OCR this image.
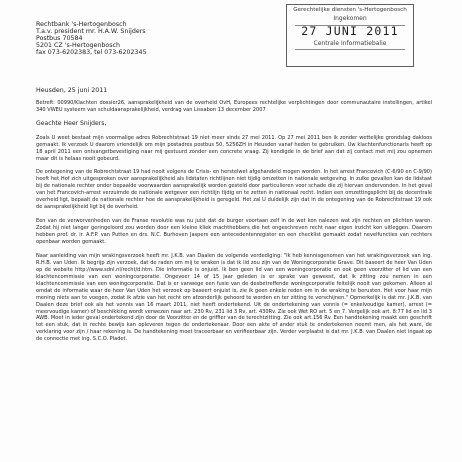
Gerechtelijke diensten 's-Hertogenbosch
Ingekomen
27 JUNI 2011
Centrale Informatiebalie
Rechtbank 's-Hertogenbosch
T.a.v. president mr. H.A.W. Snijders
Postbus 70584
5201 CZ 's-Hertogenbosch
fax 073-6202383, tel 073-6202345
Heusden, 25 juni 2011

Betreft: 00990/Klachten dossier26, aansprakelijkheid van de overheid OvH, Europees rechtelijke verplichtingen door communautaire instellingen, artikel 340 VWEU systeem van schuldaansprakelijkheid, verdrag van Lissabon 13 december 2007

Geachte Heer Snijders,

Zoals U weet bestaat mijn voormalige adres Robrechtstraat 19 niet meer sinds 27 mei 2011. Op 27 mei 2011 ben ik zonder wettelijke grondslag dakloos gemaakt. Ik verzoek U daarom vriendelijk om mijn postadres postbus 50, 5256ZH in Heusden vanaf heden te gebruiken. Uw klachtenfunctionaris heeft op 18 april 2011 een ontvangstbevestiging naar mij gestuurd zonder een concrete vraag. Zij kondigde in de brief aan dat zij contact met mij zou opnemen maar dit is helaas nooit gebeurd.

De ontegening van de Robrechtstraat 19 had nooit volgens de Crisis- en herstelwet afgehandeld mogen worden. In het arrest Francovich (C-6/90 en C-9/90) heeft het Hof zich uitgesproken over aansprakelijkheid als lidstaten richtlijnen niet tijdig omzetten in nationale wetgeving. In zulke gevallen kan de lidstaat bij de nationale rechter onder bepaalde voorwaarden aansprakelijk worden gesteld door particulieren voor schade die zij hiervan ondervonden. In het geval van het Francovich-arrest verzuimde de nationale wetgever een richtlijn tijdig en te zetten in nationaal recht. Indien een omzettingsplicht bij de decentrale overheid ligt, bepaalt de nationale rechter hoe de aansprakelijkheid is geregeld. Het zal U duidelijk zijn dat in de ontegening van de Robrechtstraat 19 ook de aansprakelijkheid ligt bij de overheid.

Een van de verworvenheden van de Franse revolutie was nu juist dat de burger voortaan zelf in de wet kon nalezen wat zijn rechten en plichten waren. Zodat hij niet langer geringeloord zou worden door een kleine kliek machthebbers die het ongeschreven recht naar eigen inzicht kon uitleggen. Daarom hebben prof. dr. ir. A.F.P. van Putten en drs. N.C. Burhoven Jaspers een antecedentenregister en een checklist gemaakt zodat nevelfuncties van rechters openbaar worden gemaakt.

Naar aanleiding van mijn wrakingsverzoek heeft mr. J.K.B. van Daalen de volgende verdediging: "Ik heb kennisgenomen van het wrakingsverzoek van ing. R.H.B. van Uden. Ik begrijp zijn verzoek, dat de raden om mij te wraken is dat ik lid zou zijn van de Woningcorporatie Grave. Dit baseert de heer Van Uden op de website http://www.sdnl.nl/recht/d.htm. Die informatie is onjuist. Ik ben geen lid van een woningcorporatie en ook geen voorzitter of lid van een klachtencommissie van een woningcorporatie. Ongeveer 14 of 15 jaar geleden is er sprake van geweest, dat ik zitting zou nemen in een klachtencommissie van een woningcorporatie. Dat is er vanwege een fusie van de desbetreffende woningcorporatie feitelijk nooit van gekomen. Alleen al omdat de informatie waar de heer Van Uden het verzoek op baseert onjuist is, zie ik geen enkele reden om in de wraking te berusten. Het voor haar mijn mening niets aan te voegen, zodat ik afzie van het recht om afzonderlijk gehoord te worden en ter zitting te verschijnen." Opmerkelijk is dat mr. J.K.B. van Daalen deze brief ook als het vonnis van 16 maart 2011, niet heeft ondertekend. Uit de ondertekening van vonnis (= enkelvoudige kamer), arrest (= meervoudige kamer) of beschikking wordt verwezen naar art. 230 Rv, 231 lid 3 Rv, art. 430Rv. Zie ook Wet RO art. 5 en 7. Vergelijk ook art. 8:77 lid en lid 3 AWB. Moet in ieder geval ondertekend zijn door de Voorzitter en de griffier van de terechtzitting. Zie ook art.156 Rv. Een handtekening maakt een geschrift tot een stuk, dat in rechte bewijs kan opleveren tegen de ondertekenaar. Door een akte of ander stuk te ondertekenen neemt men, als het ware, de verklaring voor zijn / haar rekening is. De handtekening moet traceerbaar en verifieerbaar zijn. Verder verplaatst is dat mr. J.K.B. van Daalen niet ingaat op de connectie met ing. S.C.O. Pladet.
